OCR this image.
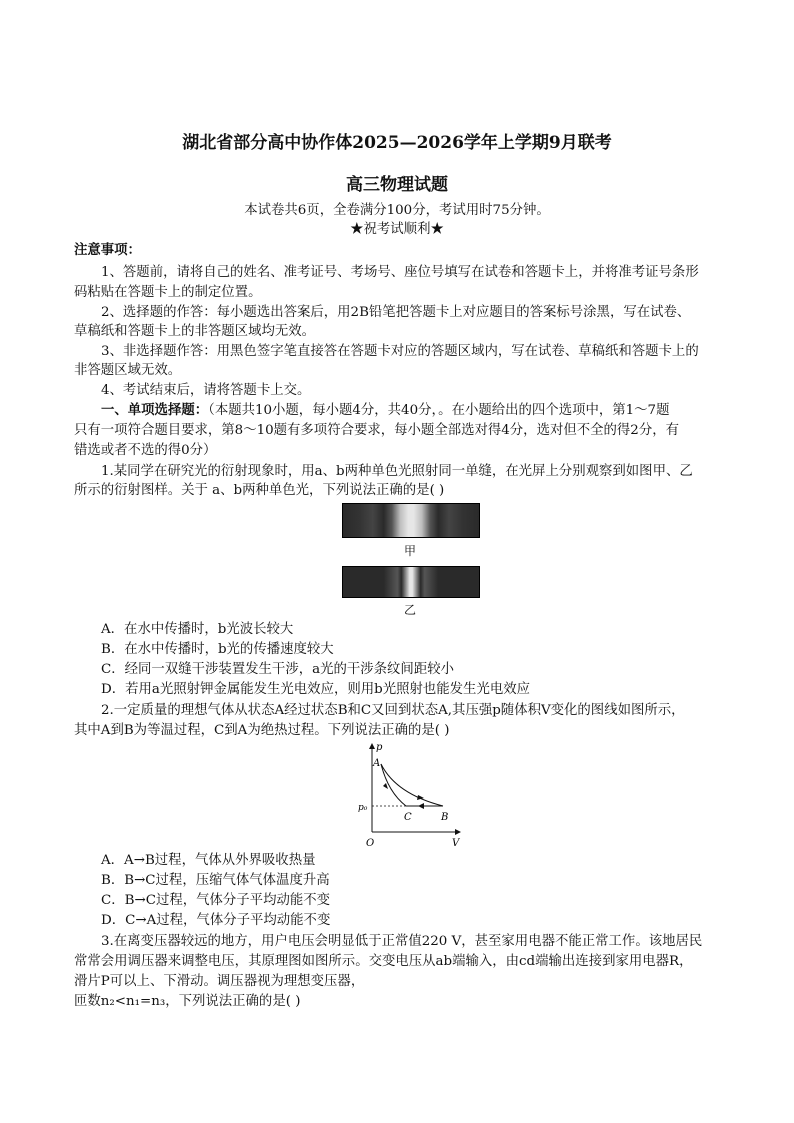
湖北省部分高中协作体2025—2026学年上学期9月联考
高三物理试题
本试卷共6页，全卷满分100分，考试用时75分钟。
★祝考试顺利★
注意事项：
1、答题前，请将自己的姓名、准考证号、考场号、座位号填写在试卷和答题卡上，并将准考证号条形
码粘贴在答题卡上的制定位置。
2、选择题的作答：每小题选出答案后，用2B铅笔把答题卡上对应题目的答案标号涂黑，写在试卷、
草稿纸和答题卡上的非答题区域均无效。
3、非选择题作答：用黑色签字笔直接答在答题卡对应的答题区域内，写在试卷、草稿纸和答题卡上的
非答题区域无效。
4、考试结束后，请将答题卡上交。
一、单项选择题：（本题共10小题，每小题4分，共40分，。在小题给出的四个选项中，第1～7题
只有一项符合题目要求，第8～10题有多项符合要求，每小题全部选对得4分，选对但不全的得2分，有
错选或者不选的得0分）
1.某同学在研究光的衍射现象时，用a、b两种单色光照射同一单缝，在光屏上分别观察到如图甲、乙
所示的衍射图样。关于 a、b两种单色光，下列说法正确的是( )
甲
乙
A．在水中传播时，b光波长较大
B．在水中传播时，b光的传播速度较大
C．经同一双缝干涉装置发生干涉，a光的干涉条纹间距较小
D．若用a光照射钾金属能发生光电效应，则用b光照射也能发生光电效应
2.一定质量的理想气体从状态A经过状态B和C又回到状态A,其压强p随体积V变化的图线如图所示，
其中A到B为等温过程，C到A为绝热过程。下列说法正确的是( )
p
V
O
p₀
A
B
C
A．A→B过程，气体从外界吸收热量
B．B→C过程，压缩气体气体温度升高
C．B→C过程，气体分子平均动能不变
D．C→A过程，气体分子平均动能不变
3.在离变压器较远的地方，用户电压会明显低于正常值220 V，甚至家用电器不能正常工作。该地居民
常常会用调压器来调整电压，其原理图如图所示。交变电压从ab端输入，由cd端输出连接到家用电器R，
滑片P可以上、下滑动。调压器视为理想变压器，
匝数n₂<n₁=n₃，下列说法正确的是( )
